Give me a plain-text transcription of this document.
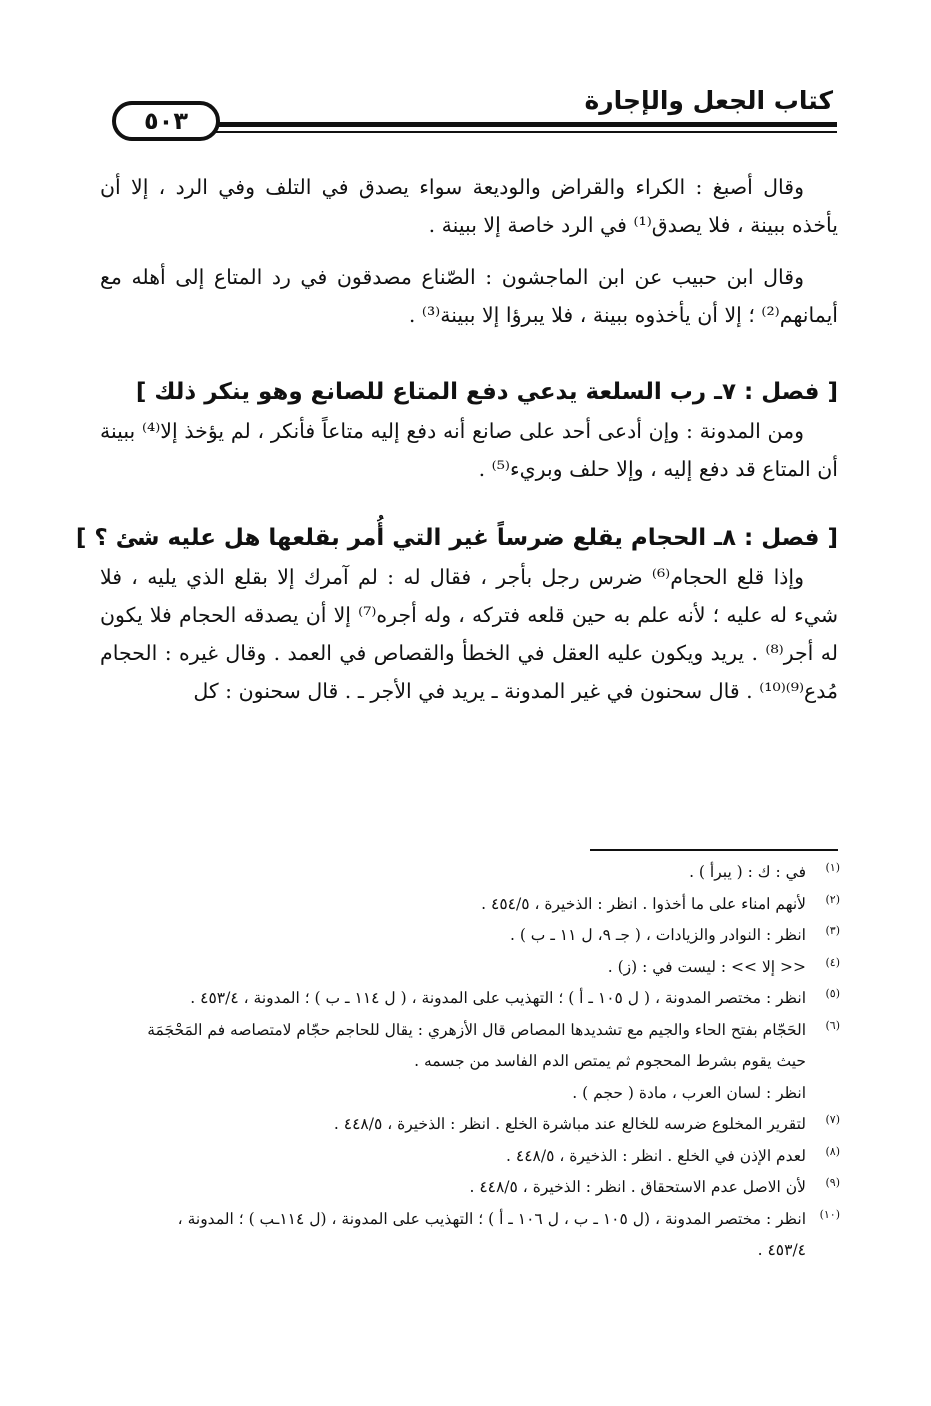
كتاب الجعل والإجارة
٥٠٣

وقال أصبغ : الكراء والقراض والوديعة سواء يصدق في التلف وفي الرد ، إلا أن يأخذه ببينة ، فلا يصدق⁽¹⁾ في الرد خاصة إلا ببينة .

وقال ابن حبيب عن ابن الماجشون : الصّناع مصدقون في رد المتاع إلى أهله مع أيمانهم⁽²⁾ ؛ إلا أن يأخذوه ببينة ، فلا يبرؤا إلا ببينة⁽³⁾ .

[ فصل : ٧ـ رب السلعة يدعي دفع المتاع للصانع وهو ينكر ذلك ]

ومن المدونة : وإن أدعى أحد على صانع أنه دفع إليه متاعاً فأنكر ، لم يؤخذ إلا⁽⁴⁾ ببينة أن المتاع قد دفع إليه ، وإلا حلف وبريء⁽⁵⁾ .

[ فصل : ٨ـ الحجام يقلع ضرساً غير التي أُمر بقلعها هل عليه شئ ؟ ]

وإذا قلع الحجام⁽⁶⁾ ضرس رجل بأجر ، فقال له : لم آمرك إلا بقلع الذي يليه ، فلا شيء له عليه ؛ لأنه علم به حين قلعه فتركه ، وله أجره⁽⁷⁾ إلا أن يصدقه الحجام فلا يكون له أجر⁽⁸⁾ . يريد ويكون عليه العقل في الخطأ والقصاص في العمد . وقال غيره : الحجام مُدع⁽⁹⁾⁽¹⁰⁾ . قال سحنون في غير المدونة ـ يريد في الأجر ـ . قال سحنون : كل

(١)
في : ك : ( يبرأ ) .
(٢)
لأنهم امناء على ما أخذوا . انظر : الذخيرة ، ٤٥٤/٥ .
(٣)
انظر : النوادر والزيادات ، ( جـ ٩، ل ١١ ـ ب ) .
(٤)
<< إلا >> : ليست في : (ز) .
(٥)
انظر : مختصر المدونة ، ( ل ١٠٥ ـ أ ) ؛ التهذيب على المدونة ، ( ل ١١٤ ـ ب ) ؛ المدونة ، ٤٥٣/٤ .
(٦)
الحَجّام بفتح الحاء والجيم مع تشديدها المصاص قال الأزهري : يقال للحاجم حجّام لامتصاصه فم المَحْجَمَة
حيث يقوم بشرط المحجوم ثم يمتص الدم الفاسد من جسمه .
انظر : لسان العرب ، مادة ( حجم ) .
(٧)
لتقرير المخلوع ضرسه للخالع عند مباشرة الخلع . انظر : الذخيرة ، ٤٤٨/٥ .
(٨)
لعدم الإذن في الخلع . انظر : الذخيرة ، ٤٤٨/٥ .
(٩)
لأن الاصل عدم الاستحقاق . انظر : الذخيرة ، ٤٤٨/٥ .
(١٠)
انظر : مختصر المدونة ، (ل ١٠٥ ـ ب ، ل ١٠٦ ـ أ ) ؛ التهذيب على المدونة ، (ل ١١٤ـب ) ؛ المدونة ،
٤٥٣/٤ .
